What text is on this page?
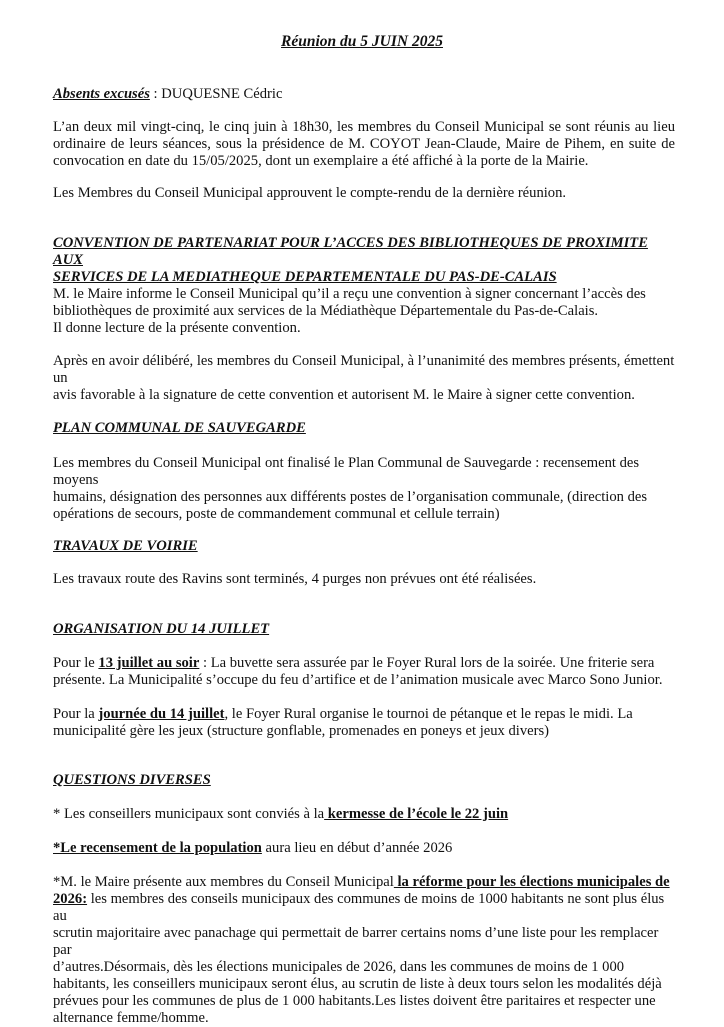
Réunion du 5 JUIN 2025
Absents excusés : DUQUESNE Cédric

L’an deux mil vingt-cinq, le cinq juin à 18h30, les membres du Conseil Municipal se sont réunis au lieu

ordinaire de leurs séances, sous la présidence de M. COYOT Jean-Claude, Maire de Pihem, en suite de

convocation en date du 15/05/2025, dont un exemplaire a été affiché à la porte de la Mairie.

Les Membres du Conseil Municipal approuvent le compte-rendu de la dernière réunion.

CONVENTION DE PARTENARIAT POUR L’ACCES DES BIBLIOTHEQUES DE PROXIMITE AUX

SERVICES DE LA MEDIATHEQUE DEPARTEMENTALE DU PAS-DE-CALAIS

M. le Maire informe le Conseil Municipal qu’il a reçu une convention à signer concernant l’accès des

bibliothèques de proximité aux services de la Médiathèque Départementale du Pas-de-Calais.

Il donne lecture de la présente convention.

Après en avoir délibéré, les membres du Conseil Municipal, à l’unanimité des membres présents, émettent un

avis favorable à la signature de cette convention et autorisent M. le Maire à signer cette convention.

PLAN COMMUNAL DE SAUVEGARDE

Les membres du Conseil Municipal ont finalisé le Plan Communal de Sauvegarde : recensement des moyens

humains, désignation des personnes aux différents postes de l’organisation communale, (direction des

opérations de secours, poste de commandement communal et cellule terrain)

TRAVAUX DE VOIRIE
Les travaux route des Ravins sont terminés, 4 purges non prévues ont été réalisées.
ORGANISATION DU 14 JUILLET

Pour le 13 juillet au soir : La buvette sera assurée par le Foyer Rural lors de la soirée. Une friterie sera

présente. La Municipalité s’occupe du feu d’artifice et de l’animation musicale avec Marco Sono Junior.

Pour la journée du 14 juillet, le Foyer Rural organise le tournoi de pétanque et le repas le midi. La

municipalité gère les jeux (structure gonflable, promenades en poneys et jeux divers)

QUESTIONS DIVERSES
* Les conseillers municipaux sont conviés à la kermesse de l’école le 22 juin
*Le recensement de la population aura lieu en début d’année 2026

*M. le Maire présente aux membres du Conseil Municipal la réforme pour les élections municipales de

2026: les membres des conseils municipaux des communes de moins de 1000 habitants ne sont plus élus au

scrutin majoritaire avec panachage qui permettait de barrer certains noms d’une liste pour les remplacer par

d’autres.Désormais, dès les élections municipales de 2026, dans les communes de moins de 1 000

habitants, les conseillers municipaux seront élus, au scrutin de liste à deux tours selon les modalités déjà

prévues pour les communes de plus de 1 000 habitants.Les listes doivent être paritaires et respecter une

alternance femme/homme.
